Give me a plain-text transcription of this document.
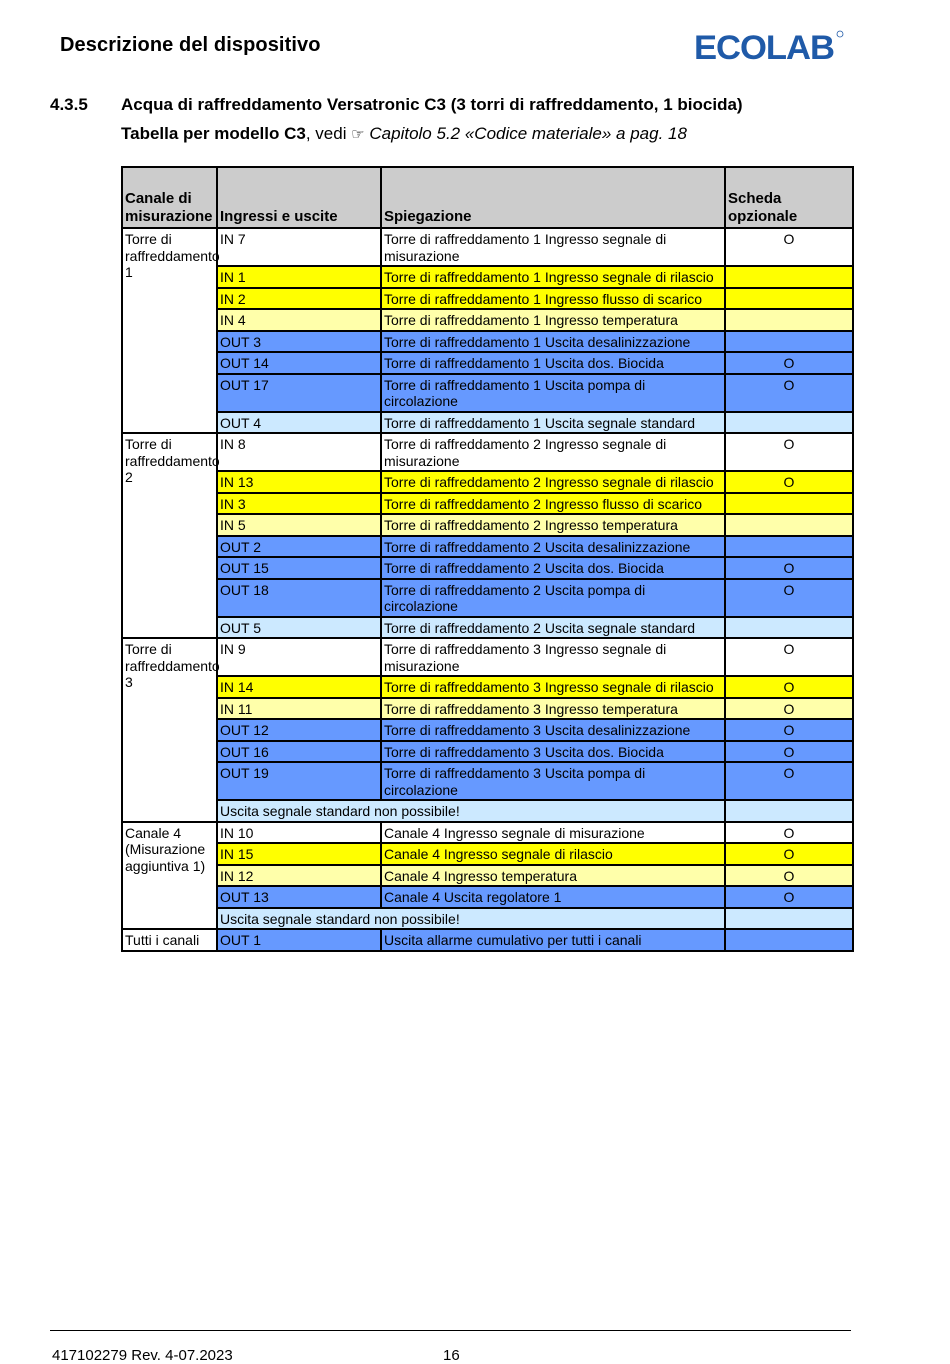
Descrizione del dispositivo	ECOLAB
4.3.5 Acqua di raffreddamento Versatronic C3 (3 torri di raffreddamento, 1 biocida)
Tabella per modello C3, vedi ☞ Capitolo 5.2 «Codice materiale» a pag. 18
Canale di misurazione	Ingressi e uscite	Spiegazione	Scheda opzionale
Torre di raffreddamento 1	IN 7	Torre di raffreddamento 1 Ingresso segnale di misurazione	O
	IN 1	Torre di raffreddamento 1 Ingresso segnale di rilascio	
	IN 2	Torre di raffreddamento 1 Ingresso flusso di scarico	
	IN 4	Torre di raffreddamento 1 Ingresso temperatura	
	OUT 3	Torre di raffreddamento 1 Uscita desalinizzazione	
	OUT 14	Torre di raffreddamento 1 Uscita dos. Biocida	O
	OUT 17	Torre di raffreddamento 1 Uscita pompa di circolazione	O
	OUT 4	Torre di raffreddamento 1 Uscita segnale standard	
Torre di raffreddamento 2	IN 8	Torre di raffreddamento 2 Ingresso segnale di misurazione	O
	IN 13	Torre di raffreddamento 2 Ingresso segnale di rilascio	O
	IN 3	Torre di raffreddamento 2 Ingresso flusso di scarico	
	IN 5	Torre di raffreddamento 2 Ingresso temperatura	
	OUT 2	Torre di raffreddamento 2 Uscita desalinizzazione	
	OUT 15	Torre di raffreddamento 2 Uscita dos. Biocida	O
	OUT 18	Torre di raffreddamento 2 Uscita pompa di circolazione	O
	OUT 5	Torre di raffreddamento 2 Uscita segnale standard	
Torre di raffreddamento 3	IN 9	Torre di raffreddamento 3 Ingresso segnale di misurazione	O
	IN 14	Torre di raffreddamento 3 Ingresso segnale di rilascio	O
	IN 11	Torre di raffreddamento 3 Ingresso temperatura	O
	OUT 12	Torre di raffreddamento 3 Uscita desalinizzazione	O
	OUT 16	Torre di raffreddamento 3 Uscita dos. Biocida	O
	OUT 19	Torre di raffreddamento 3 Uscita pompa di circolazione	O
	Uscita segnale standard non possibile!		
Canale 4 (Misurazione aggiuntiva 1)	IN 10	Canale 4 Ingresso segnale di misurazione	O
	IN 15	Canale 4 Ingresso segnale di rilascio	O
	IN 12	Canale 4 Ingresso temperatura	O
	OUT 13	Canale 4 Uscita regolatore 1	O
	Uscita segnale standard non possibile!		
Tutti i canali	OUT 1	Uscita allarme cumulativo per tutti i canali	
417102279 Rev. 4-07.2023	16
